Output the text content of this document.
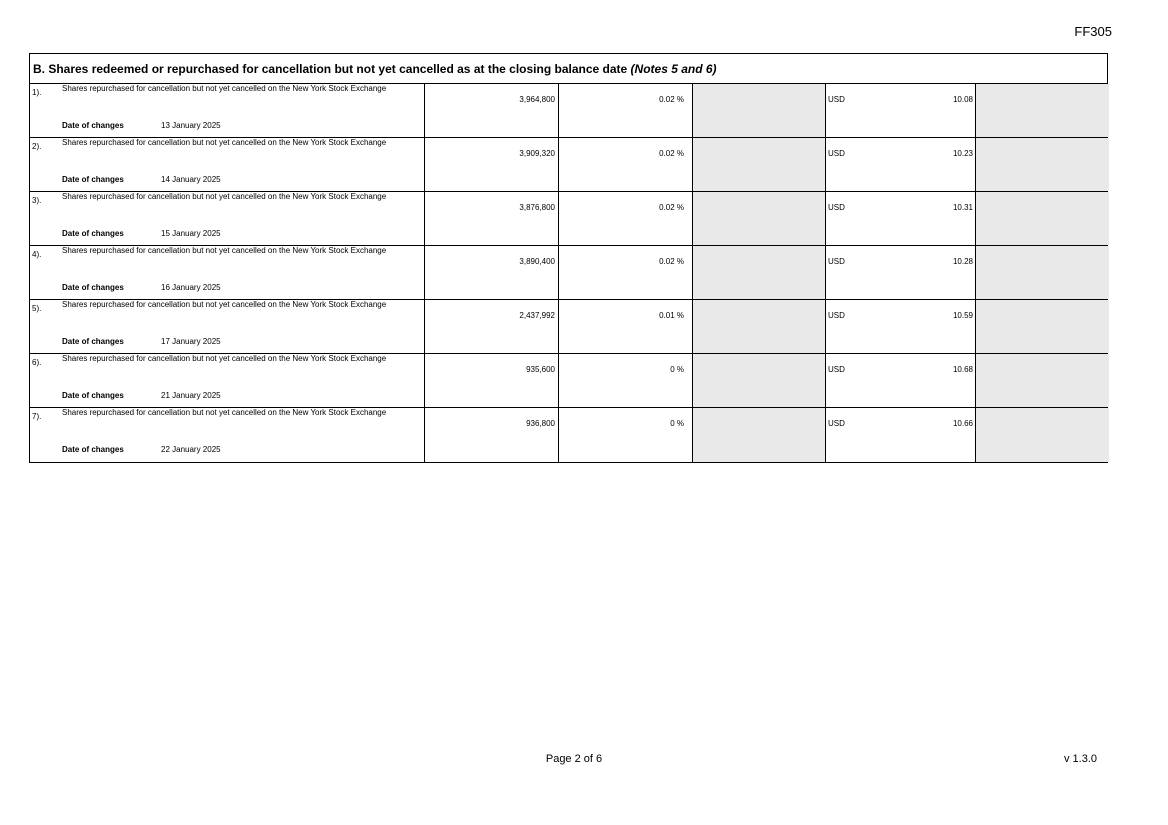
FF305
B. Shares redeemed or repurchased for cancellation but not yet cancelled as at the closing balance date (Notes 5 and 6)
1).	Shares repurchased for cancellation but not yet cancelled on the New York Stock Exchange
Date of changes	13 January 2025
3,964,800	0.02 %	USD	10.08
2).	Shares repurchased for cancellation but not yet cancelled on the New York Stock Exchange
Date of changes	14 January 2025
3,909,320	0.02 %	USD	10.23
3).	Shares repurchased for cancellation but not yet cancelled on the New York Stock Exchange
Date of changes	15 January 2025
3,876,800	0.02 %	USD	10.31
4).	Shares repurchased for cancellation but not yet cancelled on the New York Stock Exchange
Date of changes	16 January 2025
3,890,400	0.02 %	USD	10.28
5).	Shares repurchased for cancellation but not yet cancelled on the New York Stock Exchange
Date of changes	17 January 2025
2,437,992	0.01 %	USD	10.59
6).	Shares repurchased for cancellation but not yet cancelled on the New York Stock Exchange
Date of changes	21 January 2025
935,600	0 %	USD	10.68
7).	Shares repurchased for cancellation but not yet cancelled on the New York Stock Exchange
Date of changes	22 January 2025
936,800	0 %	USD	10.66
Page 2 of 6	v 1.3.0
